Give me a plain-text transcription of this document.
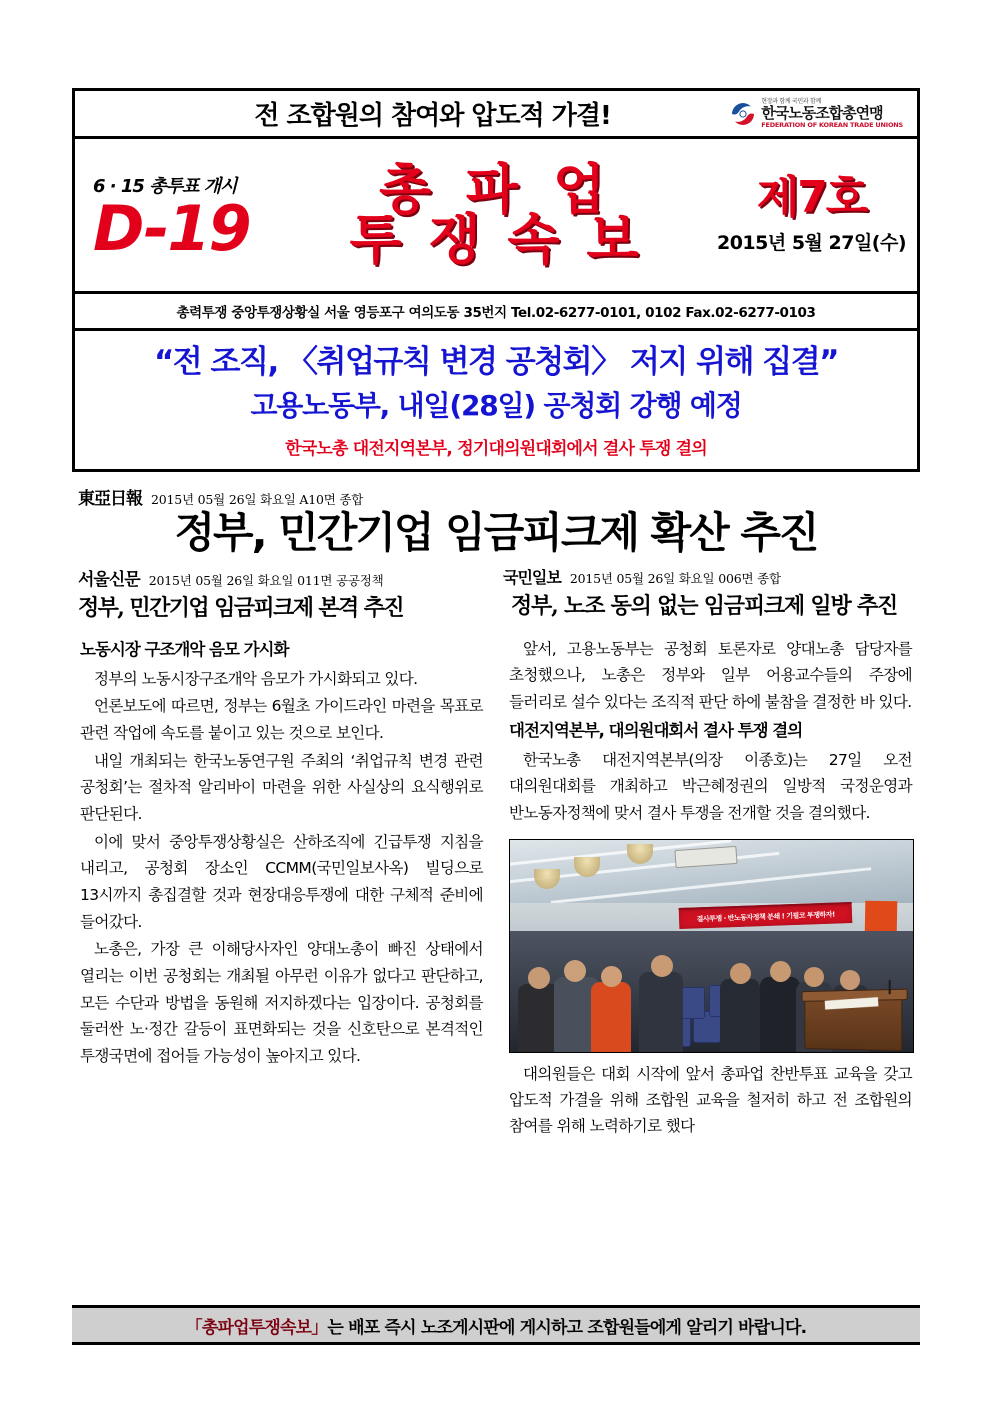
전 조합원의 참여와 압도적 가결!	현장과 함께 국민과 함께
한국노동조합총연맹
FEDERATION OF KOREAN TRADE UNIONS
6 · 15 총투표 개시
D-19
총 파 업
투 쟁 속 보
제7호
2015년 5월 27일(수)
총력투쟁 중앙투쟁상황실 서울 영등포구 여의도동 35번지 Tel.02-6277-0101, 0102 Fax.02-6277-0103
“전 조직, 〈취업규칙 변경 공청회〉 저지 위해 집결”
고용노동부, 내일(28일) 공청회 강행 예정
한국노총 대전지역본부, 정기대의원대회에서 결사 투쟁 결의
東亞日報 2015년 05월 26일 화요일 A10면 종합
정부, 민간기업 임금피크제 확산 추진
서울신문 2015년 05월 26일 화요일 011면 공공정책
정부, 민간기업 임금피크제 본격 추진
국민일보 2015년 05월 26일 화요일 006면 종합
정부, 노조 동의 없는 임금피크제 일방 추진
노동시장 구조개악 음모 가시화

정부의 노동시장구조개악 음모가 가시화되고 있다.

언론보도에 따르면, 정부는 6월초 가이드라인 마련을 목표로 관련 작업에 속도를 붙이고 있는 것으로 보인다.

내일 개최되는 한국노동연구원 주최의 ‘취업규칙 변경 관련 공청회’는 절차적 알리바이 마련을 위한 사실상의 요식행위로 판단된다.

이에 맞서 중앙투쟁상황실은 산하조직에 긴급투쟁 지침을 내리고, 공청회 장소인 CCMM(국민일보사옥) 빌딩으로 13시까지 총집결할 것과 현장대응투쟁에 대한 구체적 준비에 들어갔다.

노총은, 가장 큰 이해당사자인 양대노총이 빠진 상태에서 열리는 이번 공청회는 개최될 아무런 이유가 없다고 판단하고, 모든 수단과 방법을 동원해 저지하겠다는 입장이다. 공청회를 둘러싼 노·정간 갈등이 표면화되는 것을 신호탄으로 본격적인 투쟁국면에 접어들 가능성이 높아지고 있다.

앞서, 고용노동부는 공청회 토론자로 양대노총 담당자를 초청했으나, 노총은 정부와 일부 어용교수들의 주장에 들러리로 설수 있다는 조직적 판단 하에 불참을 결정한 바 있다.

대전지역본부, 대의원대회서 결사 투쟁 결의

한국노총 대전지역본부(의장 이종호)는 27일 오전 대의원대회를 개최하고 박근혜정권의 일방적 국정운영과 반노동자정책에 맞서 결사 투쟁을 전개할 것을 결의했다.

결사투쟁 · 반노동자정책 분쇄 ! 기필코 투쟁하자!
대의원들은 대회 시작에 앞서 총파업 찬반투표 교육을 갖고 압도적 가결을 위해 조합원 교육을 철저히 하고 전 조합원의 참여를 위해 노력하기로 했다
「총파업투쟁속보」 는 배포 즉시 노조게시판에 게시하고 조합원들에게 알리기 바랍니다.
